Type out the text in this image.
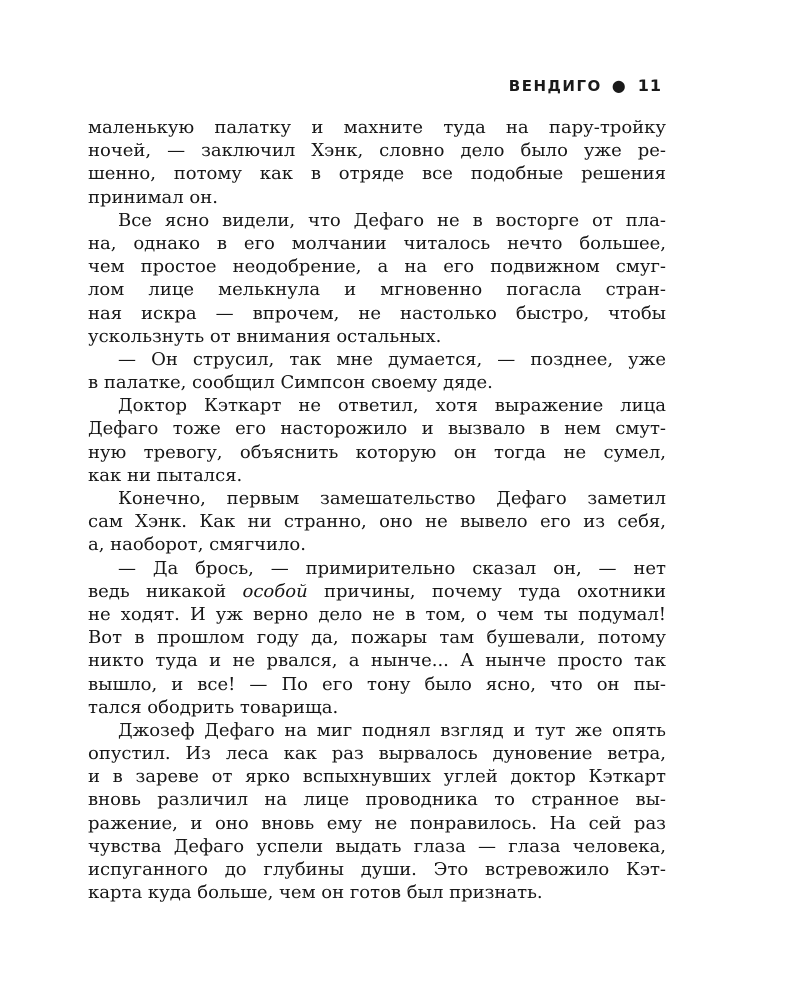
ВЕНДИГО ● 11
маленькую палатку и махните туда на пару-тройку
ночей, — заключил Хэнк, словно дело было уже ре-
шенно, потому как в отряде все подобные решения
принимал он.
Все ясно видели, что Дефаго не в восторге от пла-
на, однако в его молчании читалось нечто большее,
чем простое неодобрение, а на его подвижном смуг-
лом лице мелькнула и мгновенно погасла стран-
ная искра — впрочем, не настолько быстро, чтобы
ускользнуть от внимания остальных.
— Он струсил, так мне думается, — позднее, уже
в палатке, сообщил Симпсон своему дяде.
Доктор Кэткарт не ответил, хотя выражение лица
Дефаго тоже его насторожило и вызвало в нем смут-
ную тревогу, объяснить которую он тогда не сумел,
как ни пытался.
Конечно, первым замешательство Дефаго заметил
сам Хэнк. Как ни странно, оно не вывело его из себя,
а, наоборот, смягчило.
— Да брось, — примирительно сказал он, — нет
ведь никакой особой причины, почему туда охотники
не ходят. И уж верно дело не в том, о чем ты подумал!
Вот в прошлом году да, пожары там бушевали, потому
никто туда и не рвался, а нынче... А нынче просто так
вышло, и все! — По его тону было ясно, что он пы-
тался ободрить товарища.
Джозеф Дефаго на миг поднял взгляд и тут же опять
опустил. Из леса как раз вырвалось дуновение ветра,
и в зареве от ярко вспыхнувших углей доктор Кэткарт
вновь различил на лице проводника то странное вы-
ражение, и оно вновь ему не понравилось. На сей раз
чувства Дефаго успели выдать глаза — глаза человека,
испуганного до глубины души. Это встревожило Кэт-
карта куда больше, чем он готов был признать.
